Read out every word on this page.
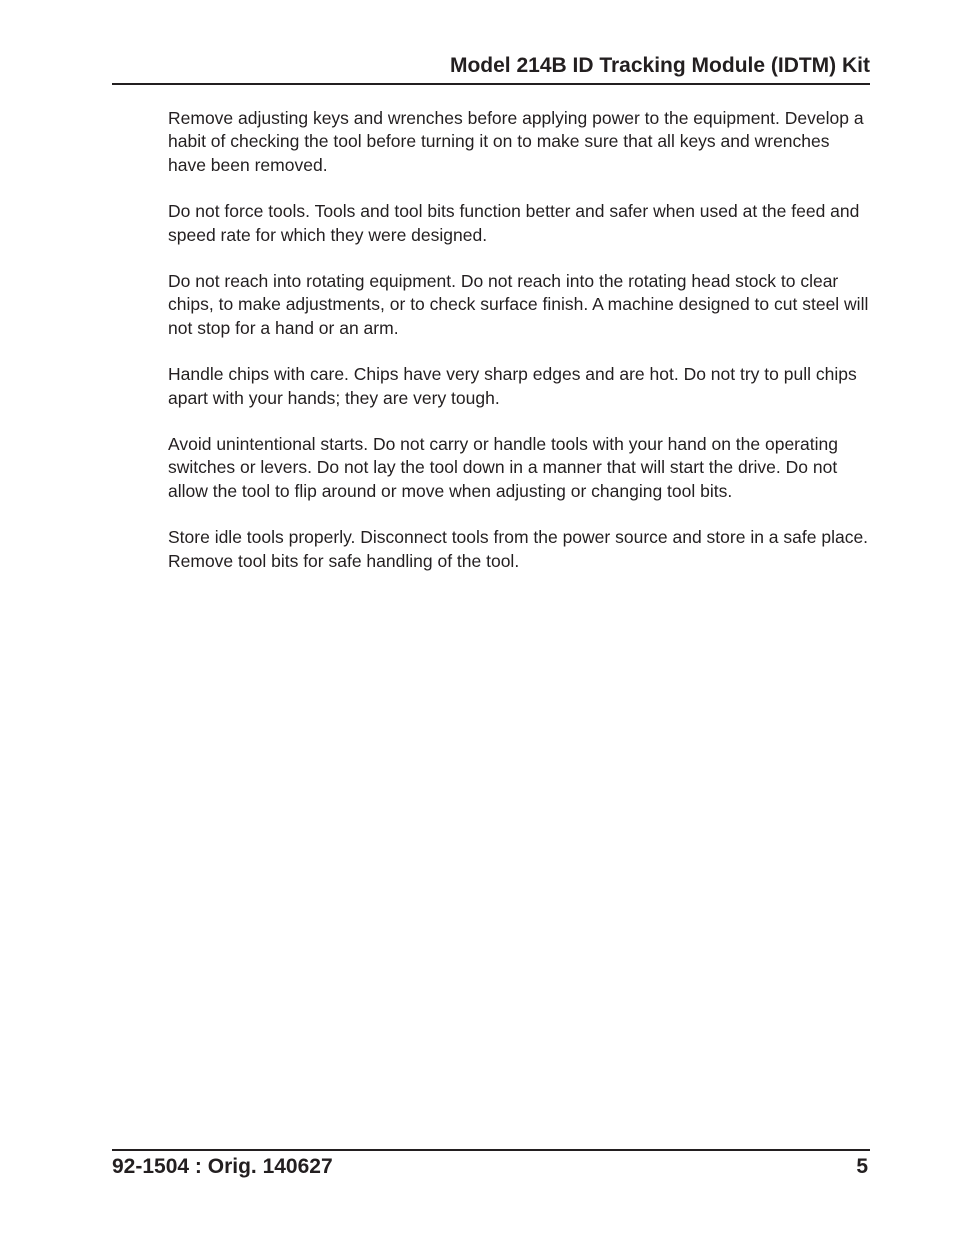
Model 214B ID Tracking Module (IDTM) Kit

Remove adjusting keys and wrenches before applying power to the equipment. Develop a habit of checking the tool before turning it on to make sure that all keys and wrenches have been removed.

Do not force tools. Tools and tool bits function better and safer when used at the feed and speed rate for which they were designed.

Do not reach into rotating equipment. Do not reach into the rotating head stock to clear chips, to make adjustments, or to check surface finish. A machine designed to cut steel will not stop for a hand or an arm.

Handle chips with care. Chips have very sharp edges and are hot. Do not try to pull chips apart with your hands; they are very tough.

Avoid unintentional starts. Do not carry or handle tools with your hand on the operating switches or levers. Do not lay the tool down in a manner that will start the drive. Do not allow the tool to flip around or move when adjusting or changing tool bits.

Store idle tools properly. Disconnect tools from the power source and store in a safe place. Remove tool bits for safe handling of the tool.

92-1504 : Orig. 140627	5
